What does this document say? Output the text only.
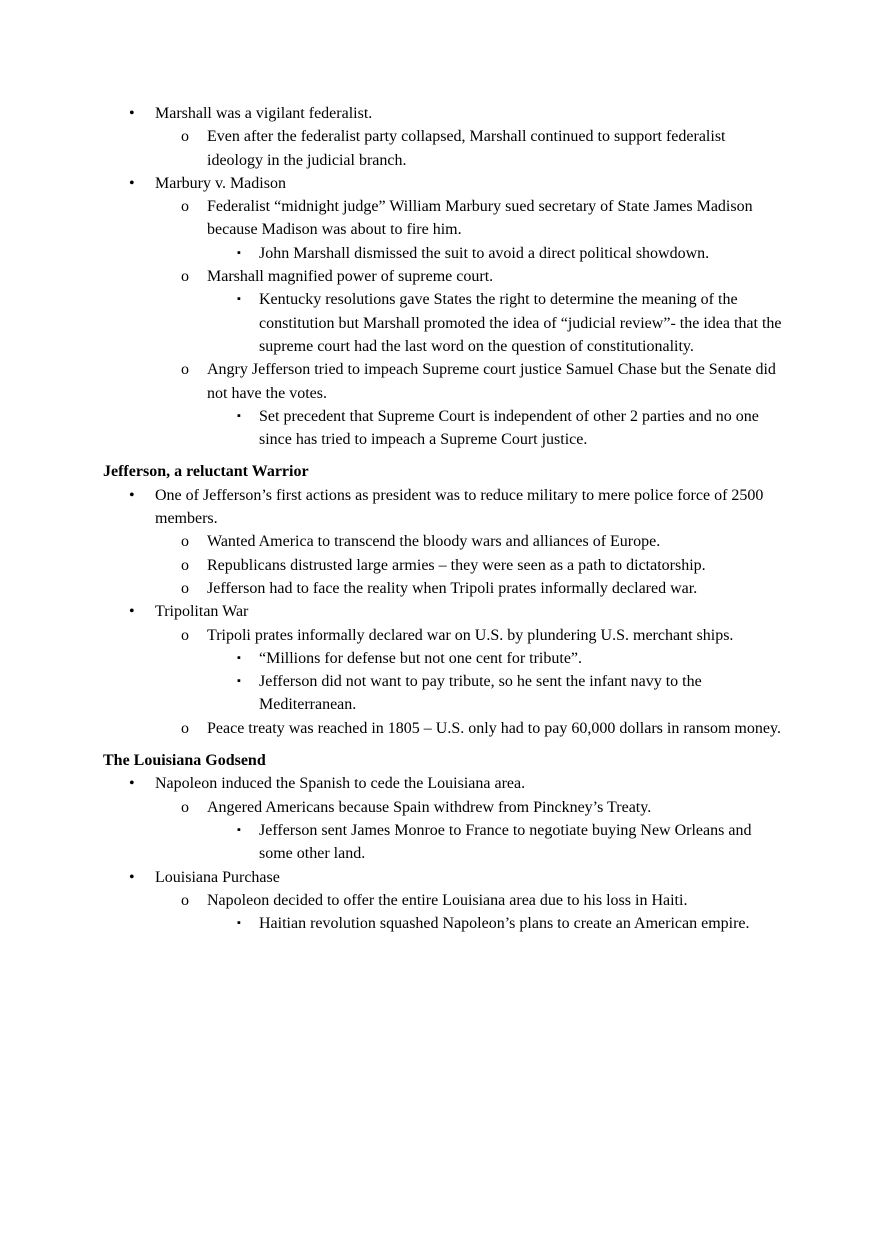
• Marshall was a vigilant federalist.
o Even after the federalist party collapsed, Marshall continued to support federalist ideology in the judicial branch.
• Marbury v. Madison
o Federalist “midnight judge” William Marbury sued secretary of State James Madison because Madison was about to fire him.
▪ John Marshall dismissed the suit to avoid a direct political showdown.
o Marshall magnified power of supreme court.
▪ Kentucky resolutions gave States the right to determine the meaning of the constitution but Marshall promoted the idea of “judicial review”- the idea that the supreme court had the last word on the question of constitutionality.
o Angry Jefferson tried to impeach Supreme court justice Samuel Chase but the Senate did not have the votes.
▪ Set precedent that Supreme Court is independent of other 2 parties and no one since has tried to impeach a Supreme Court justice.

Jefferson, a reluctant Warrior

• One of Jefferson’s first actions as president was to reduce military to mere police force of 2500 members.
o Wanted America to transcend the bloody wars and alliances of Europe.
o Republicans distrusted large armies – they were seen as a path to dictatorship.
o Jefferson had to face the reality when Tripoli prates informally declared war.
• Tripolitan War
o Tripoli prates informally declared war on U.S. by plundering U.S. merchant ships.
▪ “Millions for defense but not one cent for tribute”.
▪ Jefferson did not want to pay tribute, so he sent the infant navy to the Mediterranean.
o Peace treaty was reached in 1805 – U.S. only had to pay 60,000 dollars in ransom money.

The Louisiana Godsend

• Napoleon induced the Spanish to cede the Louisiana area.
o Angered Americans because Spain withdrew from Pinckney’s Treaty.
▪ Jefferson sent James Monroe to France to negotiate buying New Orleans and some other land.
• Louisiana Purchase
o Napoleon decided to offer the entire Louisiana area due to his loss in Haiti.
▪ Haitian revolution squashed Napoleon’s plans to create an American empire.
